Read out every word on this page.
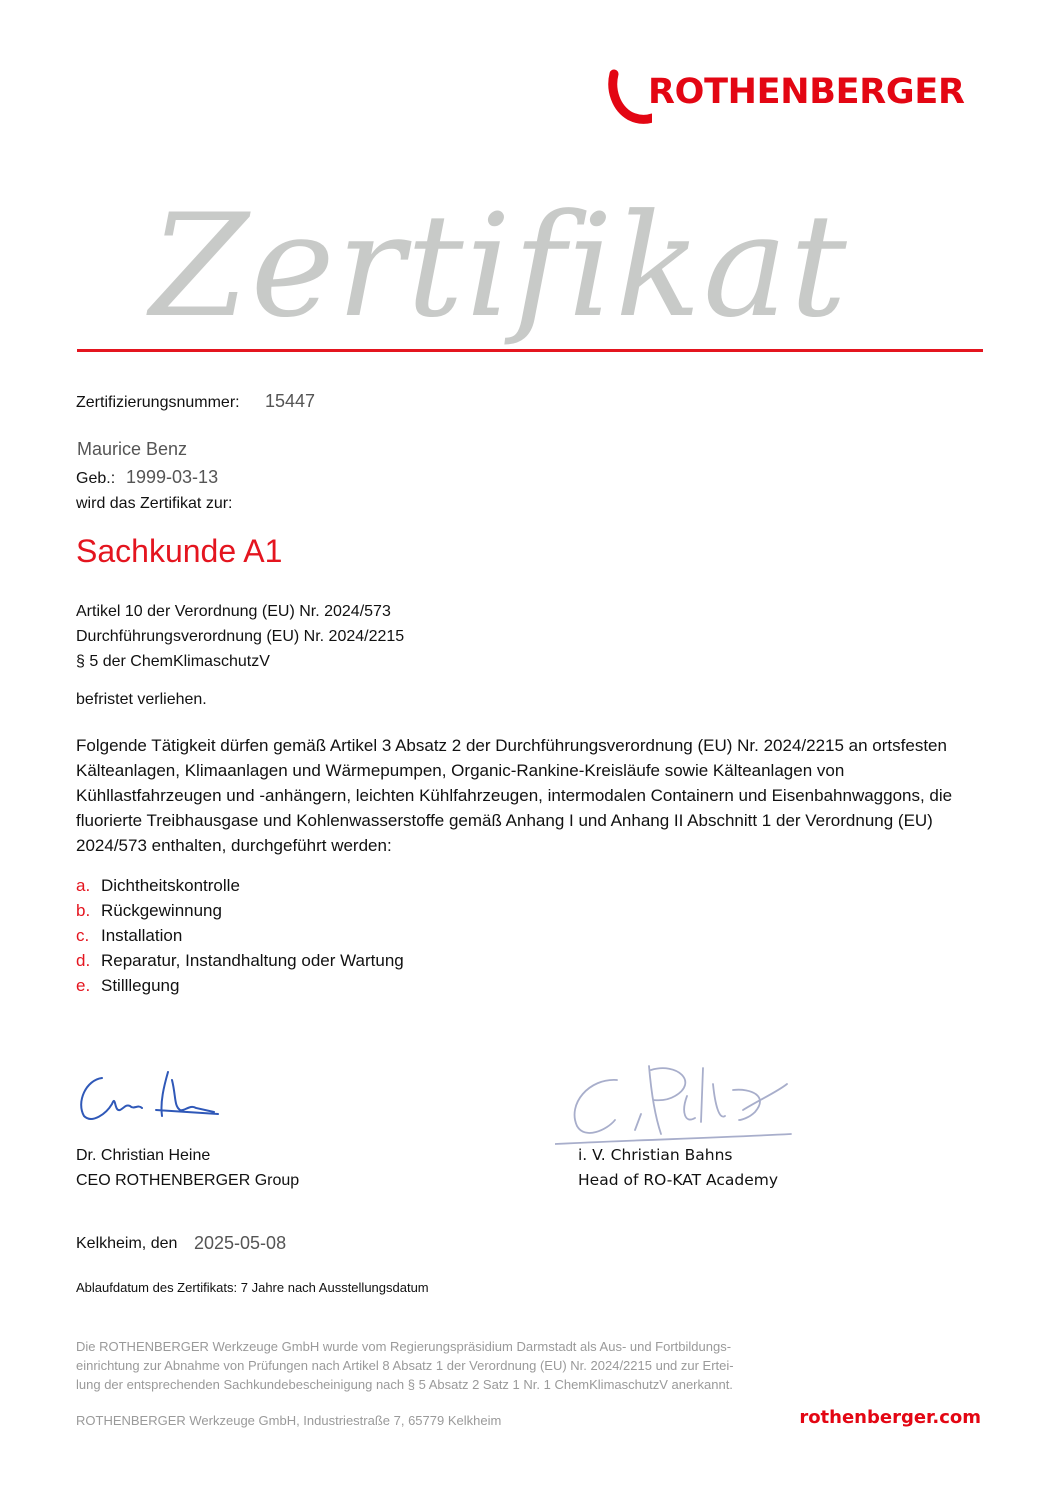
ROTHENBERGER
Zertifikat
Zertifizierungsnummer: 15447
Maurice Benz
Geb.: 1999-03-13
wird das Zertifikat zur:
Sachkunde A1
Artikel 10 der Verordnung (EU) Nr. 2024/573
Durchführungsverordnung (EU) Nr. 2024/2215
§ 5 der ChemKlimaschutzV
befristet verliehen.
Folgende Tätigkeit dürfen gemäß Artikel 3 Absatz 2 der Durchführungsverordnung (EU) Nr. 2024/2215 an ortsfesten Kälteanlagen, Klimaanlagen und Wärmepumpen, Organic-Rankine-Kreisläufe sowie Kälteanlagen von Kühllastfahrzeugen und -anhängern, leichten Kühlfahrzeugen, intermodalen Containern und Eisenbahnwaggons, die fluorierte Treibhausgase und Kohlenwasserstoffe gemäß Anhang I und Anhang II Abschnitt 1 der Verordnung (EU) 2024/573 enthalten, durchgeführt werden:
a. Dichtheitskontrolle
b. Rückgewinnung
c. Installation
d. Reparatur, Instandhaltung oder Wartung
e. Stilllegung
Dr. Christian Heine
CEO ROTHENBERGER Group
i. V. Christian Bahns
Head of RO-KAT Academy
Kelkheim, den 2025-05-08
Ablaufdatum des Zertifikats: 7 Jahre nach Ausstellungsdatum
Die ROTHENBERGER Werkzeuge GmbH wurde vom Regierungspräsidium Darmstadt als Aus- und Fortbildungs-
einrichtung zur Abnahme von Prüfungen nach Artikel 8 Absatz 1 der Verordnung (EU) Nr. 2024/2215 und zur Ertei-
lung der entsprechenden Sachkundebescheinigung nach § 5 Absatz 2 Satz 1 Nr. 1 ChemKlimaschutzV anerkannt.
ROTHENBERGER Werkzeuge GmbH, Industriestraße 7, 65779 Kelkheim	rothenberger.com
